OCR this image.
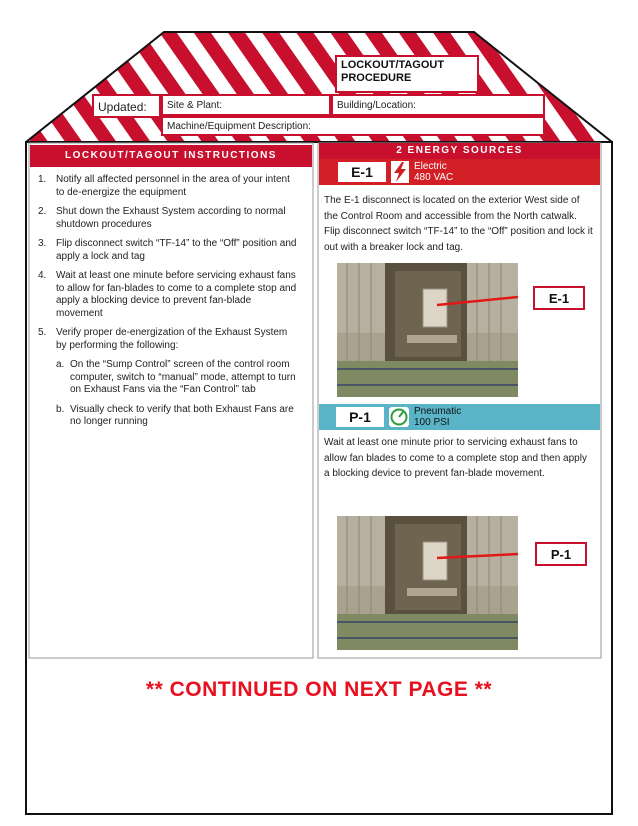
LOCKOUT/TAGOUT
PROCEDURE
Updated:	Site & Plant:	Building/Location:
Machine/Equipment Description:
LOCKOUT/TAGOUT INSTRUCTIONS
1. Notify all affected personnel in the area of your intent to de-energize the equipment
2. Shut down the Exhaust System according to normal shutdown procedures
3. Flip disconnect switch “TF-14” to the “Off” position and apply a lock and tag
4. Wait at least one minute before servicing exhaust fans to allow for fan-blades to come to a complete stop and apply a blocking device to prevent fan-blade movement
5. Verify proper de-energization of the Exhaust System by performing the following:
a. On the “Sump Control” screen of the control room computer, switch to “manual” mode, attempt to turn on Exhaust Fans via the “Fan Control” tab
b. Visually check to verify that both Exhaust Fans are no longer running
2 ENERGY SOURCES
E-1	Electric
480 VAC
The E-1 disconnect is located on the exterior West side of the Control Room and accessible from the North catwalk. Flip disconnect switch “TF-14” to the “Off” position and lock it out with a breaker lock and tag.
E-1
P-1	Pneumatic
100 PSI
Wait at least one minute prior to servicing exhaust fans to allow fan blades to come to a complete stop and then apply a blocking device to prevent fan-blade movement.
P-1
** CONTINUED ON NEXT PAGE **
